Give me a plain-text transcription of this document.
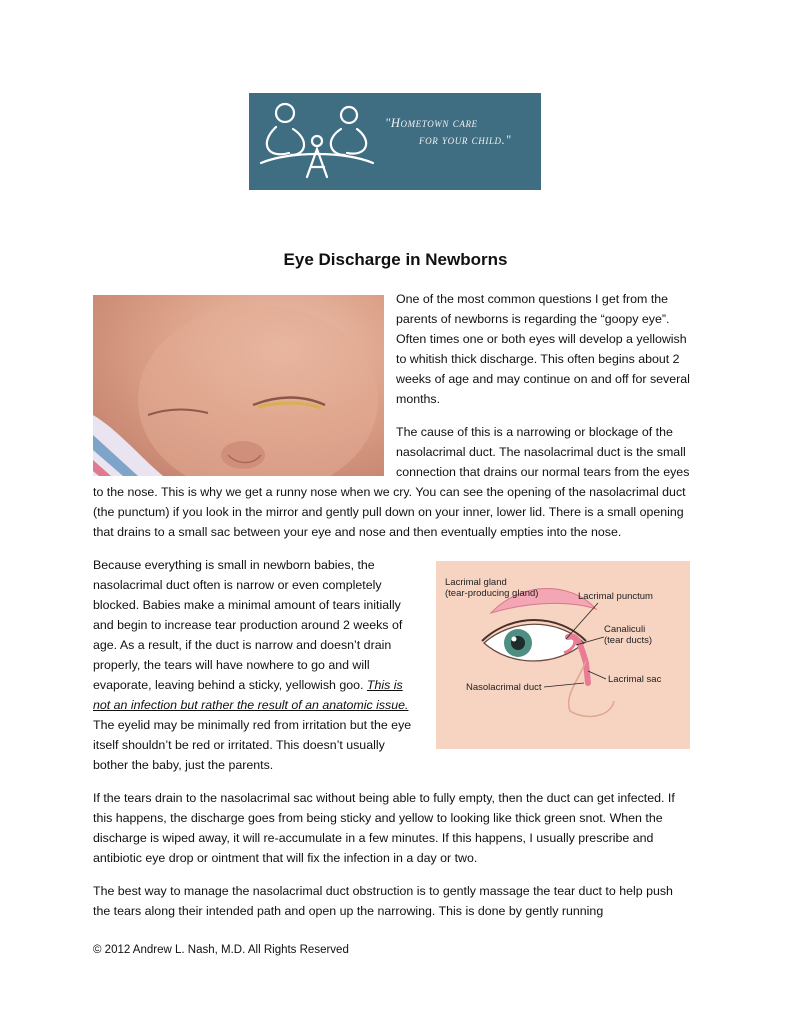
"Hometown care
for your child."
Eye Discharge in Newborns

One of the most common questions I get from the parents of newborns is regarding the “goopy eye”. Often times one or both eyes will develop a yellowish to whitish thick discharge. This often begins about 2 weeks of age and may continue on and off for several months.

The cause of this is a narrowing or blockage of the nasolacrimal duct. The nasolacrimal duct is the small connection that drains our normal tears from the eyes to the nose. This is why we get a runny nose when we cry. You can see the opening of the nasolacrimal duct (the punctum) if you look in the mirror and gently pull down on your inner, lower lid. There is a small opening that drains to a small sac between your eye and nose and then eventually empties into the nose.

Lacrimal gland
(tear-producing gland)	Lacrimal punctum
Canaliculi
(tear ducts)
Lacrimal sac
Nasolacrimal duct

Because everything is small in newborn babies, the nasolacrimal duct often is narrow or even completely blocked. Babies make a minimal amount of tears initially and begin to increase tear production around 2 weeks of age. As a result, if the duct is narrow and doesn’t drain properly, the tears will have nowhere to go and will evaporate, leaving behind a sticky, yellowish goo. This is not an infection but rather the result of an anatomic issue. The eyelid may be minimally red from irritation but the eye itself shouldn’t be red or irritated. This doesn’t usually bother the baby, just the parents.

If the tears drain to the nasolacrimal sac without being able to fully empty, then the duct can get infected. If this happens, the discharge goes from being sticky and yellow to looking like thick green snot. When the discharge is wiped away, it will re-accumulate in a few minutes. If this happens, I usually prescribe and antibiotic eye drop or ointment that will fix the infection in a day or two.

The best way to manage the nasolacrimal duct obstruction is to gently massage the tear duct to help push the tears along their intended path and open up the narrowing. This is done by gently running

© 2012 Andrew L. Nash, M.D. All Rights Reserved
